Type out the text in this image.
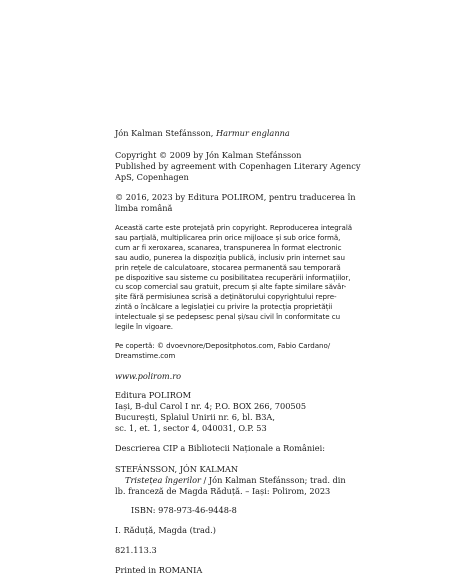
Jón Kalman Stefánsson, Harmur englanna

Copyright © 2009 by Jón Kalman Stefánsson

Published by agreement with Copenhagen Literary Agency

ApS, Copenhagen

© 2016, 2023 by Editura POLIROM, pentru traducerea în

limba română

Această carte este protejată prin copyright. Reproducerea integrală

sau parțială, multiplicarea prin orice mijloace și sub orice formă,

cum ar fi xeroxarea, scanarea, transpunerea în format electronic

sau audio, punerea la dispoziția publică, inclusiv prin internet sau

prin rețele de calculatoare, stocarea permanentă sau temporară

pe dispozitive sau sisteme cu posibilitatea recuperării informațiilor,

cu scop comercial sau gratuit, precum și alte fapte similare săvâr-

șite fără permisiunea scrisă a deținătorului copyrightului repre-

zintă o încălcare a legislației cu privire la protecția proprietății

intelectuale și se pedepsesc penal și/sau civil în conformitate cu

legile în vigoare.

Pe copertă: © dvoevnore/Depositphotos.com, Fabio Cardano/

Dreamstime.com

www.polirom.ro

Editura POLIROM

Iași, B-dul Carol I nr. 4; P.O. BOX 266, 700505

București, Splaiul Unirii nr. 6, bl. B3A,

sc. 1, et. 1, sector 4, 040031, O.P. 53

Descrierea CIP a Bibliotecii Naționale a României:

STEFÁNSSON, JÓN KALMAN

Tristețea îngerilor / Jón Kalman Stefánsson; trad. din

lb. franceză de Magda Răduță. – Iași: Polirom, 2023

ISBN: 978-973-46-9448-8

I. Răduță, Magda (trad.)

821.113.3

Printed in ROMANIA
